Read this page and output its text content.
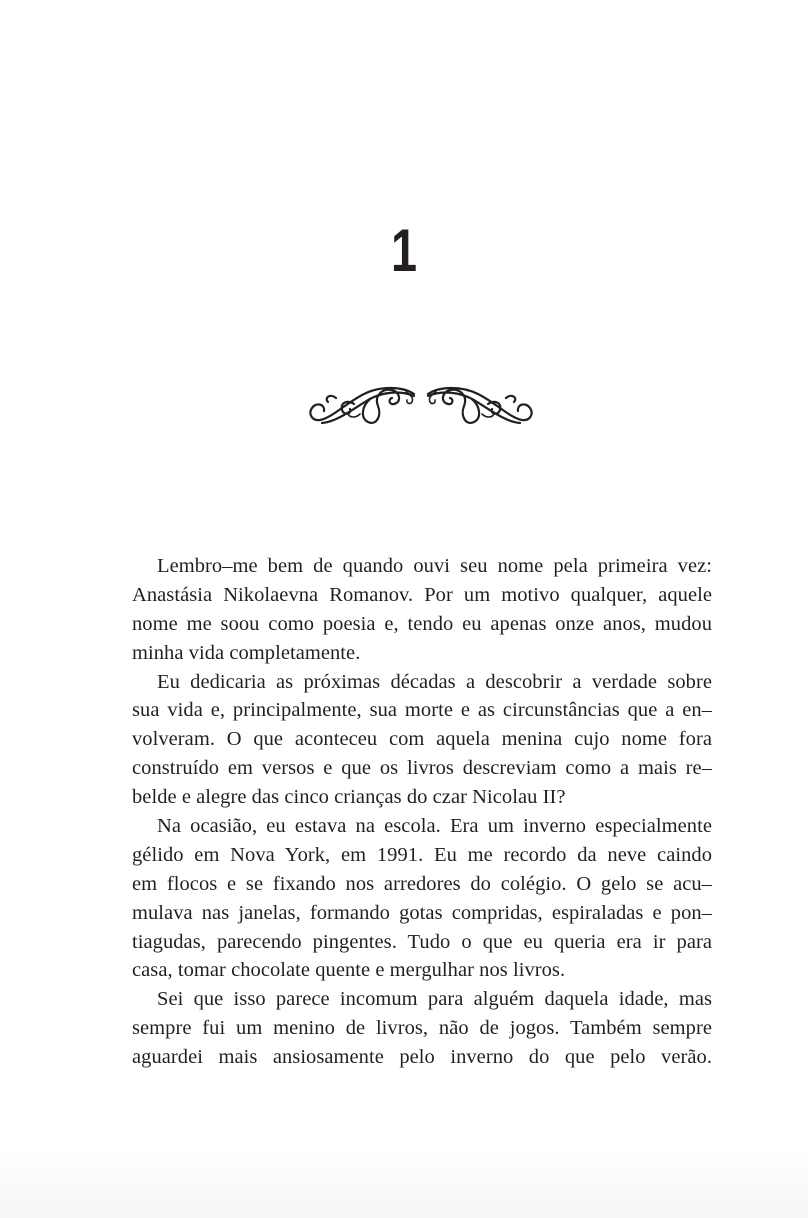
1
Lembro–me bem de quando ouvi seu nome pela primeira vez:
Anastásia Nikolaevna Romanov. Por um motivo qualquer, aquele
nome me soou como poesia e, tendo eu apenas onze anos, mudou
minha vida completamente.
Eu dedicaria as próximas décadas a descobrir a verdade sobre
sua vida e, principalmente, sua morte e as circunstâncias que a en–
volveram. O que aconteceu com aquela menina cujo nome fora
construído em versos e que os livros descreviam como a mais re–
belde e alegre das cinco crianças do czar Nicolau II?
Na ocasião, eu estava na escola. Era um inverno especialmente
gélido em Nova York, em 1991. Eu me recordo da neve caindo
em flocos e se fixando nos arredores do colégio. O gelo se acu–
mulava nas janelas, formando gotas compridas, espiraladas e pon–
tiagudas, parecendo pingentes. Tudo o que eu queria era ir para
casa, tomar chocolate quente e mergulhar nos livros.
Sei que isso parece incomum para alguém daquela idade, mas
sempre fui um menino de livros, não de jogos. Também sempre
aguardei mais ansiosamente pelo inverno do que pelo verão.
